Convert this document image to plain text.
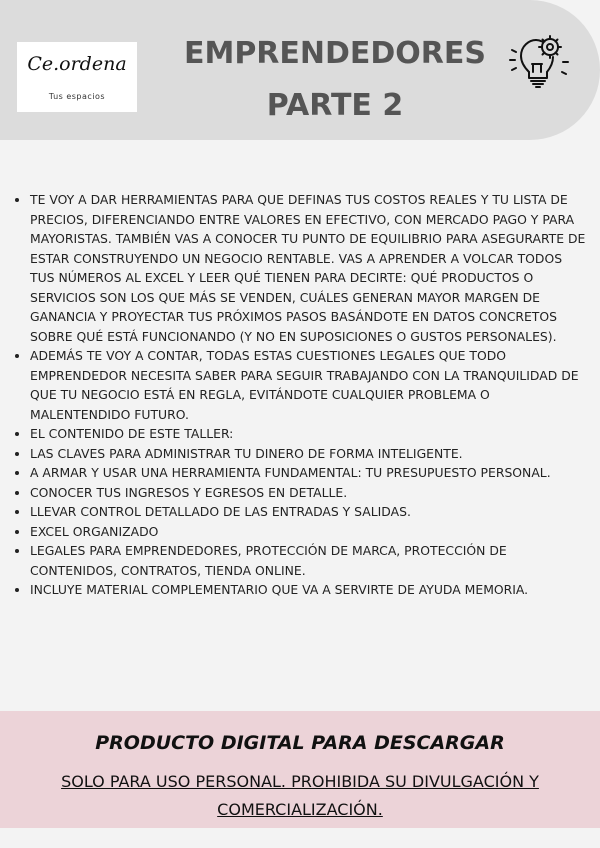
Ce.ordena
Tus espacios
EMPRENDEDORES
PARTE 2
• TE VOY A DAR HERRAMIENTAS PARA QUE DEFINAS TUS COSTOS REALES Y TU LISTA DE PRECIOS, DIFERENCIANDO ENTRE VALORES EN EFECTIVO, CON MERCADO PAGO Y PARA MAYORISTAS. TAMBIÉN VAS A CONOCER TU PUNTO DE EQUILIBRIO PARA ASEGURARTE DE ESTAR CONSTRUYENDO UN NEGOCIO RENTABLE. VAS A APRENDER A VOLCAR TODOS TUS NÚMEROS AL EXCEL Y LEER QUÉ TIENEN PARA DECIRTE: QUÉ PRODUCTOS O SERVICIOS SON LOS QUE MÁS SE VENDEN, CUÁLES GENERAN MAYOR MARGEN DE GANANCIA Y PROYECTAR TUS PRÓXIMOS PASOS BASÁNDOTE EN DATOS CONCRETOS SOBRE QUÉ ESTÁ FUNCIONANDO (Y NO EN SUPOSICIONES O GUSTOS PERSONALES).
• ADEMÁS TE VOY A CONTAR, TODAS ESTAS CUESTIONES LEGALES QUE TODO EMPRENDEDOR NECESITA SABER PARA SEGUIR TRABAJANDO CON LA TRANQUILIDAD DE QUE TU NEGOCIO ESTÁ EN REGLA, EVITÁNDOTE CUALQUIER PROBLEMA O MALENTENDIDO FUTURO.
• EL CONTENIDO DE ESTE TALLER:
• LAS CLAVES PARA ADMINISTRAR TU DINERO DE FORMA INTELIGENTE.
• A ARMAR Y USAR UNA HERRAMIENTA FUNDAMENTAL: TU PRESUPUESTO PERSONAL.
• CONOCER TUS INGRESOS Y EGRESOS EN DETALLE.
• LLEVAR CONTROL DETALLADO DE LAS ENTRADAS Y SALIDAS.
• EXCEL ORGANIZADO
• LEGALES PARA EMPRENDEDORES, PROTECCIÓN DE MARCA, PROTECCIÓN DE CONTENIDOS, CONTRATOS, TIENDA ONLINE.
• INCLUYE MATERIAL COMPLEMENTARIO QUE VA A SERVIRTE DE AYUDA MEMORIA.
PRODUCTO DIGITAL PARA DESCARGAR
SOLO PARA USO PERSONAL. PROHIBIDA SU DIVULGACIÓN Y
COMERCIALIZACIÓN.
